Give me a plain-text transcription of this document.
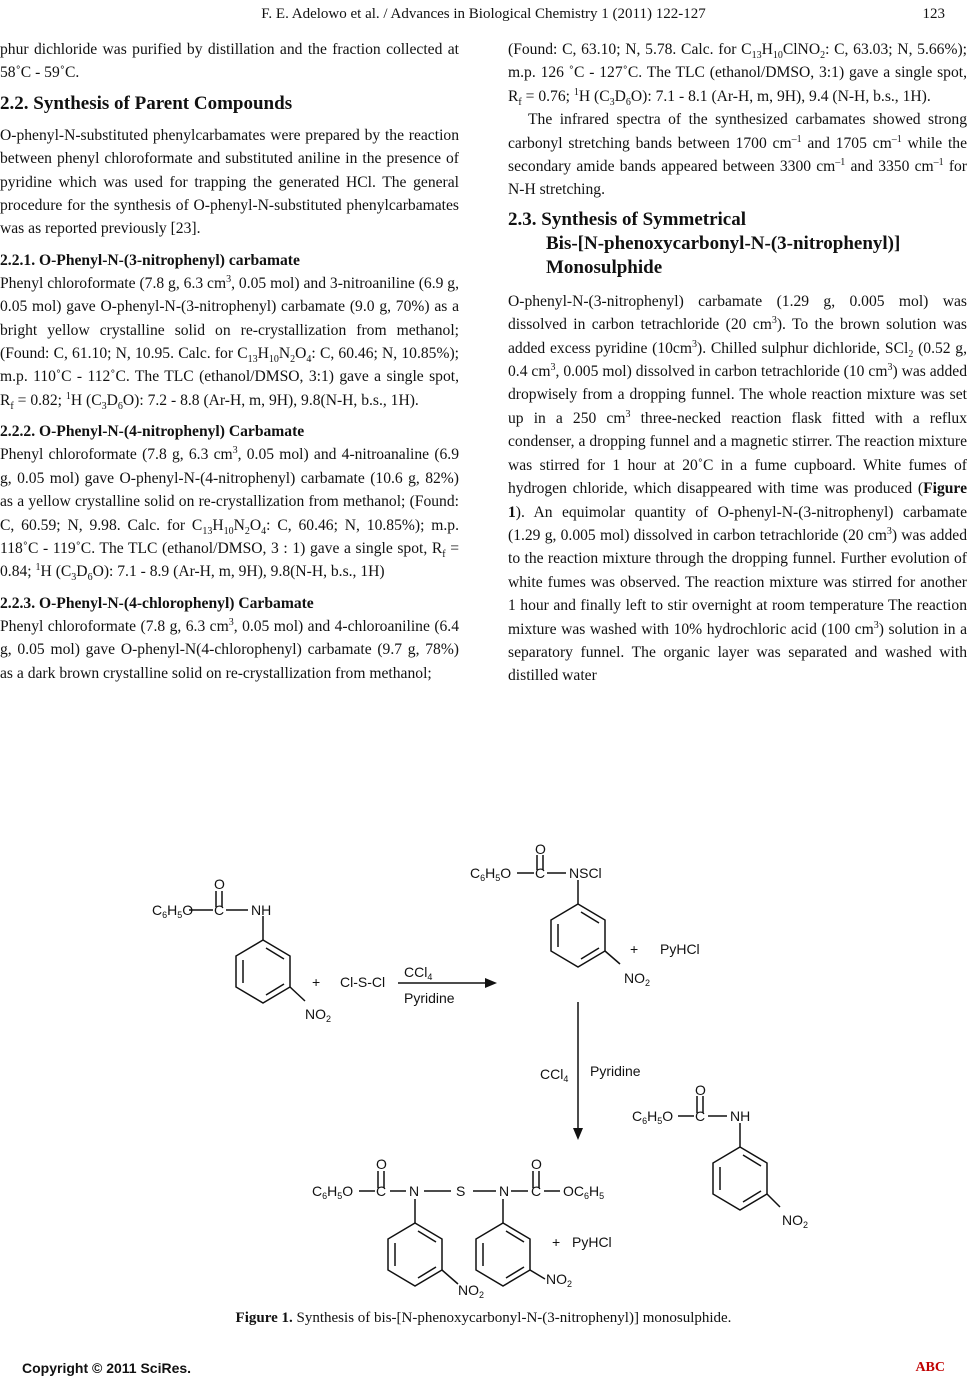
F. E. Adelowo et al. / Advances in Biological Chemistry 1 (2011) 122-127	123

phur dichloride was purified by distillation and the fraction collected at 58˚C - 59˚C.

2.2. Synthesis of Parent Compounds

O-phenyl-N-substituted phenylcarbamates were prepared by the reaction between phenyl chloroformate and substituted aniline in the presence of pyridine which was used for trapping the generated HCl. The general procedure for the synthesis of O-phenyl-N-substituted phenylcarbamates was as reported previously [23].

2.2.1. O-Phenyl-N-(3-nitrophenyl) carbamate

Phenyl chloroformate (7.8 g, 6.3 $cm^3$, 0.05 mol) and 3-nitroaniline (6.9 g, 0.05 mol) gave O-phenyl-N-(3-nitrophenyl) carbamate (9.0 g, 70%) as a bright yellow crystalline solid on re-crystallization from methanol; (Found: C, 61.10; N, 10.95. Calc. for $C_{13}H_{10}N_2O_4$: C, 60.46; N, 10.85%); m.p. 110˚C - 112˚C. The TLC (ethanol/DMSO, 3:1) gave a single spot, $R_f = 0.82$; $^1$H $(C_3D_6O)$: 7.2 - 8.8 (Ar-H, m, 9H), 9.8(N-H, b.s., 1H).

2.2.2. O-Phenyl-N-(4-nitrophenyl) Carbamate

Phenyl chloroformate (7.8 g, 6.3 $cm^3$, 0.05 mol) and 4-nitroanaline (6.9 g, 0.05 mol) gave O-phenyl-N-(4-nitrophenyl) carbamate (10.6 g, 82%) as a yellow crystalline solid on re-crystallization from methanol; (Found: C, 60.59; N, 9.98. Calc. for $C_{13}H_{10}N_2O_4$: C, 60.46; N, 10.85%); m.p. 118˚C - 119˚C. The TLC (ethanol/DMSO, 3 : 1) gave a single spot, $R_f = 0.84$; $^1$H $(C_3D_6O)$: 7.1 - 8.9 (Ar-H, m, 9H), 9.8(N-H, b.s., 1H)

2.2.3. O-Phenyl-N-(4-chlorophenyl) Carbamate

Phenyl chloroformate (7.8 g, 6.3 $cm^3$, 0.05 mol) and 4-chloroaniline (6.4 g, 0.05 mol) gave O-phenyl-N(4-chlorophenyl) carbamate (9.7 g, 78%) as a dark brown crystalline solid on re-crystallization from methanol;

(Found: C, 63.10; N, 5.78. Calc. for $C_{13}H_{10}ClNO_2$: C, 63.03; N, 5.66%); m.p. 126 ˚C - 127˚C. The TLC (ethanol/DMSO, 3:1) gave a single spot, $R_f = 0.76$; $^1$H $(C_3D_6O)$: 7.1 - 8.1 (Ar-H, m, 9H), 9.4 (N-H, b.s., 1H).

The infrared spectra of the synthesized carbamates showed strong carbonyl stretching bands between 1700 $cm^{-1}$ and 1705 $cm^{-1}$ while the secondary amide bands appeared between 3300 $cm^{-1}$ and 3350 $cm^{-1}$ for N-H stretching.

2.3. Synthesis of Symmetrical
Bis-[N-phenoxycarbonyl-N-(3-nitrophenyl)]
Monosulphide

O-phenyl-N-(3-nitrophenyl) carbamate (1.29 g, 0.005 mol) was dissolved in carbon tetrachloride (20 $cm^3$). To the brown solution was added excess pyridine $(10cm^3)$. Chilled sulphur dichloride, SCl$_2$ (0.52 g, 0.4 $cm^3$, 0.005 mol) dissolved in carbon tetrachloride (10 $cm^3$) was added dropwisely from a dropping funnel. The whole reaction mixture was set up in a 250 $cm^3$ three-necked reaction flask fitted with a reflux condenser, a dropping funnel and a magnetic stirrer. The reaction mixture was stirred for 1 hour at 20˚C in a fume cupboard. White fumes of hydrogen chloride, which disappeared with time was produced (Figure 1). An equimolar quantity of O-phenyl-N-(3-nitrophenyl) carbamate (1.29 g, 0.005 mol) dissolved in carbon tetrachloride (20 $cm^3$) was added to the reaction mixture through the dropping funnel. Further evolution of white fumes was observed. The reaction mixture was stirred for another 1 hour and finally left to stir overnight at room temperature The reaction mixture was washed with 10% hydrochloric acid (100 $cm^3$) solution in a separatory funnel. The organic layer was separated and washed with distilled water

O
$C_6H_5O$ C NH
$NO_2$
+ Cl-S-Cl
CCl$_4$
Pyridine
O
$C_6H_5O$ C NSCl
+ PyHCl
$NO_2$
CCl$_4$ Pyridine
O
$C_6H_5O$ C NH
$NO_2$
O
$C_6H_5O$ C N	S N
O
C $OC_6H_5$
$NO_2$
$NO_2$
+ PyHCl
Figure 1. Synthesis of bis-[N-phenoxycarbonyl-N-(3-nitrophenyl)] monosulphide.
Copyright © 2011 SciRes.	ABC
